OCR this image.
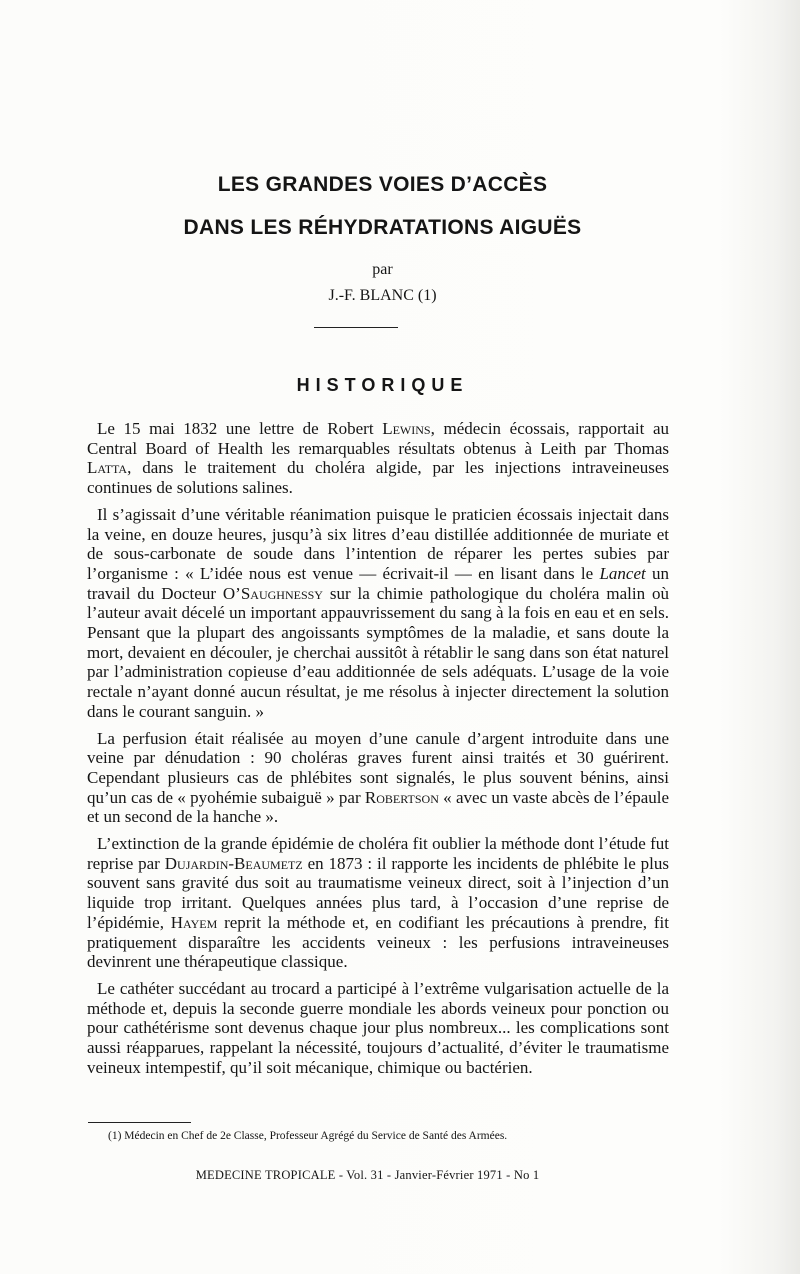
LES GRANDES VOIES D’ACCÈS
DANS LES RÉHYDRATATIONS AIGUËS
par
J.-F. BLANC (1)
HISTORIQUE

Le 15 mai 1832 une lettre de Robert Lewins, médecin écossais, rapportait au Central Board of Health les remarquables résultats obtenus à Leith par Thomas Latta, dans le traitement du choléra algide, par les injections intraveineuses continues de solutions salines.

Il s’agissait d’une véritable réanimation puisque le praticien écossais injectait dans la veine, en douze heures, jusqu’à six litres d’eau distillée additionnée de muriate et de sous-carbonate de soude dans l’intention de réparer les pertes subies par l’organisme : « L’idée nous est venue — écrivait-il — en lisant dans le Lancet un travail du Docteur O’Saughnessy sur la chimie pathologique du choléra malin où l’auteur avait décelé un important appauvrissement du sang à la fois en eau et en sels. Pensant que la plupart des angoissants symptômes de la maladie, et sans doute la mort, devaient en découler, je cherchai aussitôt à rétablir le sang dans son état naturel par l’administration copieuse d’eau additionnée de sels adéquats. L’usage de la voie rectale n’ayant donné aucun résultat, je me résolus à injecter directement la solution dans le courant sanguin. »

La perfusion était réalisée au moyen d’une canule d’argent introduite dans une veine par dénudation : 90 choléras graves furent ainsi traités et 30 guérirent. Cependant plusieurs cas de phlébites sont signalés, le plus souvent bénins, ainsi qu’un cas de « pyohémie subaiguë » par Robertson « avec un vaste abcès de l’épaule et un second de la hanche ».

L’extinction de la grande épidémie de choléra fit oublier la méthode dont l’étude fut reprise par Dujardin-Beaumetz en 1873 : il rapporte les incidents de phlébite le plus souvent sans gravité dus soit au traumatisme veineux direct, soit à l’injection d’un liquide trop irritant. Quelques années plus tard, à l’occasion d’une reprise de l’épidémie, Hayem reprit la méthode et, en codifiant les précautions à prendre, fit pratiquement disparaître les accidents veineux : les perfusions intraveineuses devinrent une thérapeutique classique.

Le cathéter succédant au trocard a participé à l’extrême vulgarisation actuelle de la méthode et, depuis la seconde guerre mondiale les abords veineux pour ponction ou pour cathétérisme sont devenus chaque jour plus nombreux... les complications sont aussi réapparues, rappelant la nécessité, toujours d’actualité, d’éviter le traumatisme veineux intempestif, qu’il soit mécanique, chimique ou bactérien.

(1) Médecin en Chef de 2e Classe, Professeur Agrégé du Service de Santé des Armées.
MEDECINE TROPICALE - Vol. 31 - Janvier-Février 1971 - No 1
